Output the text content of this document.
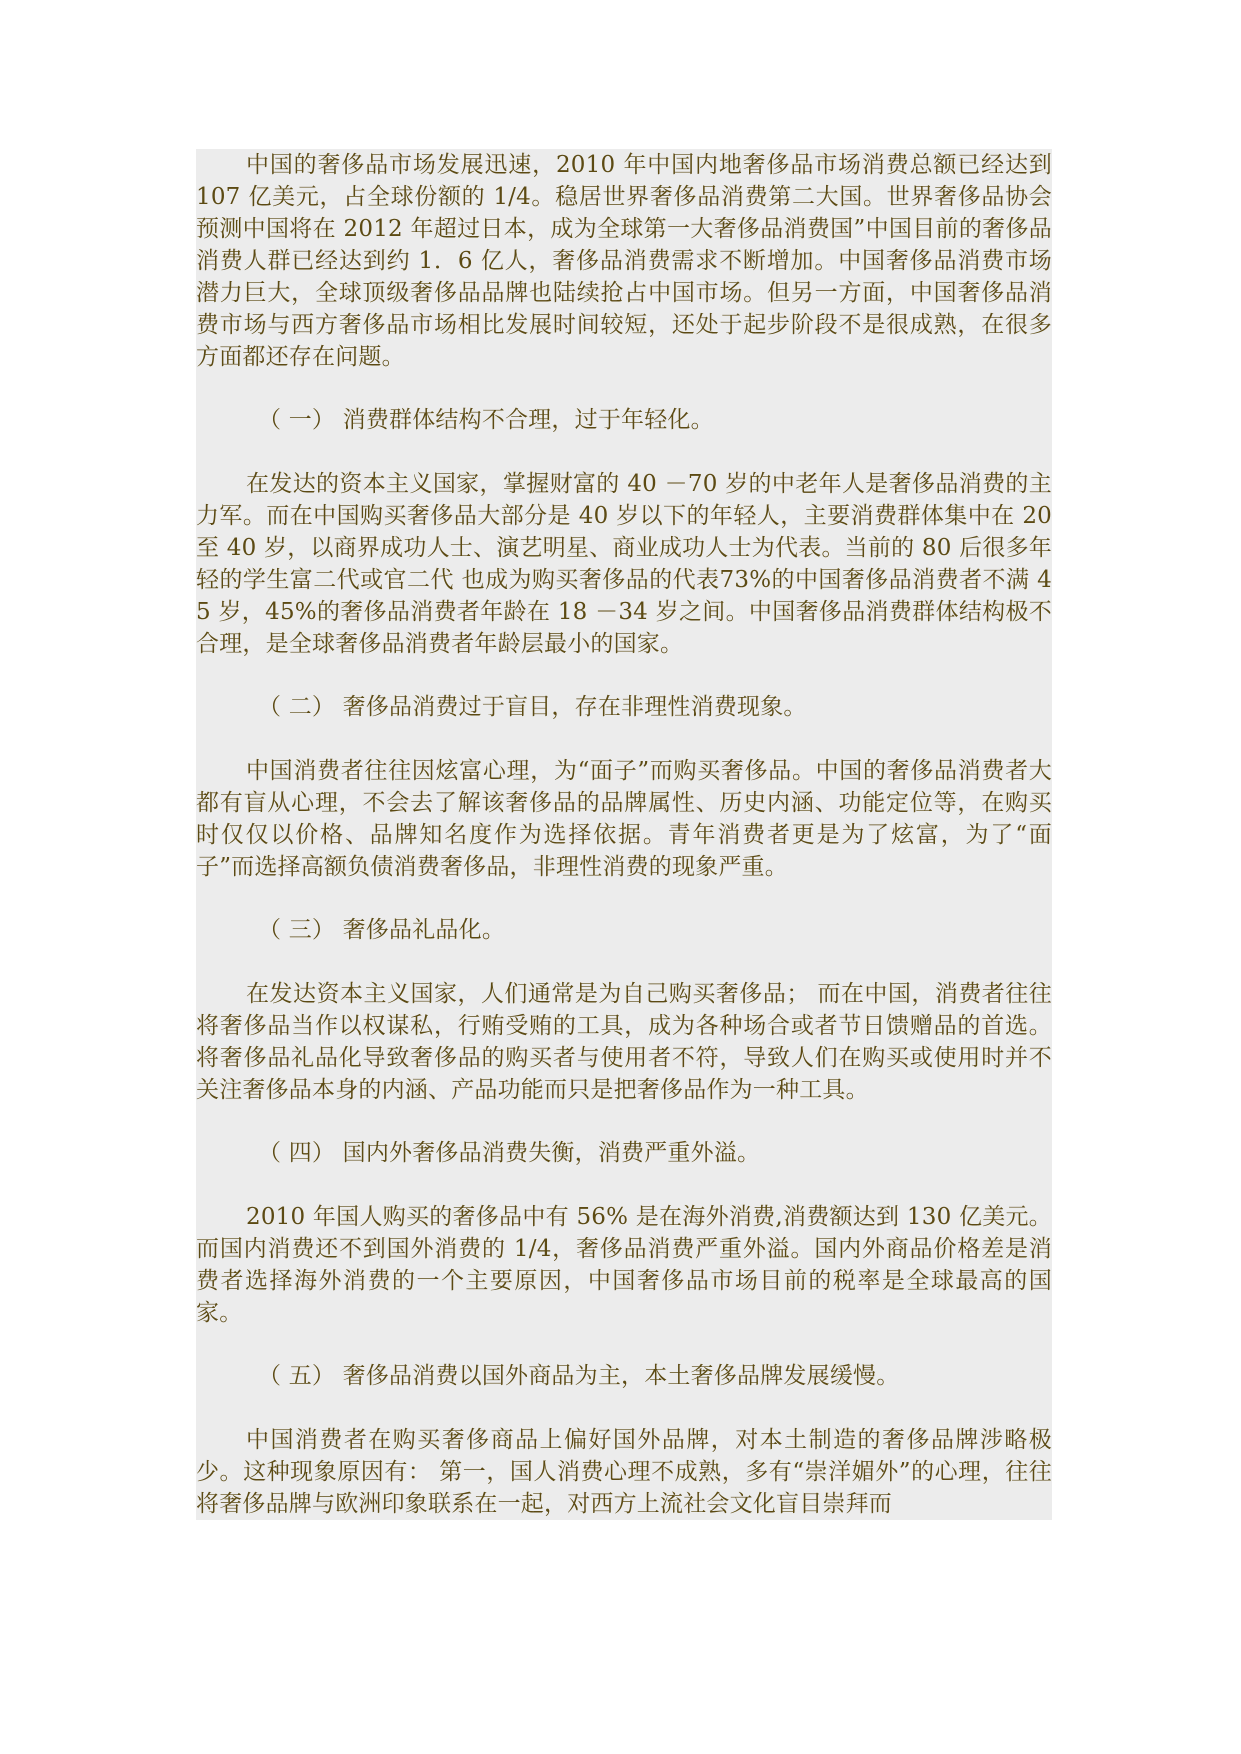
中国的奢侈品市场发展迅速，2010 年中国内地奢侈品市场消费总额已经达到 107 亿美元，占全球份额的 1/4。稳居世界奢侈品消费第二大国。世界奢侈品协会预测中国将在 2012 年超过日本，成为全球第一大奢侈品消费国”中国目前的奢侈品消费人群已经达到约 1．6 亿人，奢侈品消费需求不断增加。中国奢侈品消费市场潜力巨大，全球顶级奢侈品品牌也陆续抢占中国市场。但另一方面，中国奢侈品消费市场与西方奢侈品市场相比发展时间较短，还处于起步阶段不是很成熟，在很多方面都还存在问题。

（ 一） 消费群体结构不合理，过于年轻化。

在发达的资本主义国家，掌握财富的 40 －70 岁的中老年人是奢侈品消费的主力军。而在中国购买奢侈品大部分是 40 岁以下的年轻人，主要消费群体集中在 20 至 40 岁，以商界成功人士、演艺明星、商业成功人士为代表。当前的 80 后很多年轻的学生富二代或官二代 也成为购买奢侈品的代表73%的中国奢侈品消费者不满 45 岁，45%的奢侈品消费者年龄在 18 －34 岁之间。中国奢侈品消费群体结构极不合理，是全球奢侈品消费者年龄层最小的国家。

（ 二） 奢侈品消费过于盲目，存在非理性消费现象。

中国消费者往往因炫富心理，为“面子”而购买奢侈品。中国的奢侈品消费者大都有盲从心理，不会去了解该奢侈品的品牌属性、历史内涵、功能定位等，在购买时仅仅以价格、品牌知名度作为选择依据。青年消费者更是为了炫富，为了“面子”而选择高额负债消费奢侈品，非理性消费的现象严重。

（ 三） 奢侈品礼品化。

在发达资本主义国家，人们通常是为自己购买奢侈品； 而在中国，消费者往往将奢侈品当作以权谋私，行贿受贿的工具，成为各种场合或者节日馈赠品的首选。将奢侈品礼品化导致奢侈品的购买者与使用者不符，导致人们在购买或使用时并不关注奢侈品本身的内涵、产品功能而只是把奢侈品作为一种工具。

（ 四） 国内外奢侈品消费失衡，消费严重外溢。

2010 年国人购买的奢侈品中有 56% 是在海外消费,消费额达到 130 亿美元。而国内消费还不到国外消费的 1/4，奢侈品消费严重外溢。国内外商品价格差是消费者选择海外消费的一个主要原因，中国奢侈品市场目前的税率是全球最高的国家。

（ 五） 奢侈品消费以国外商品为主，本土奢侈品牌发展缓慢。

中国消费者在购买奢侈商品上偏好国外品牌，对本土制造的奢侈品牌涉略极少。这种现象原因有： 第一，国人消费心理不成熟，多有“崇洋媚外”的心理，往往将奢侈品牌与欧洲印象联系在一起，对西方上流社会文化盲目崇拜而
